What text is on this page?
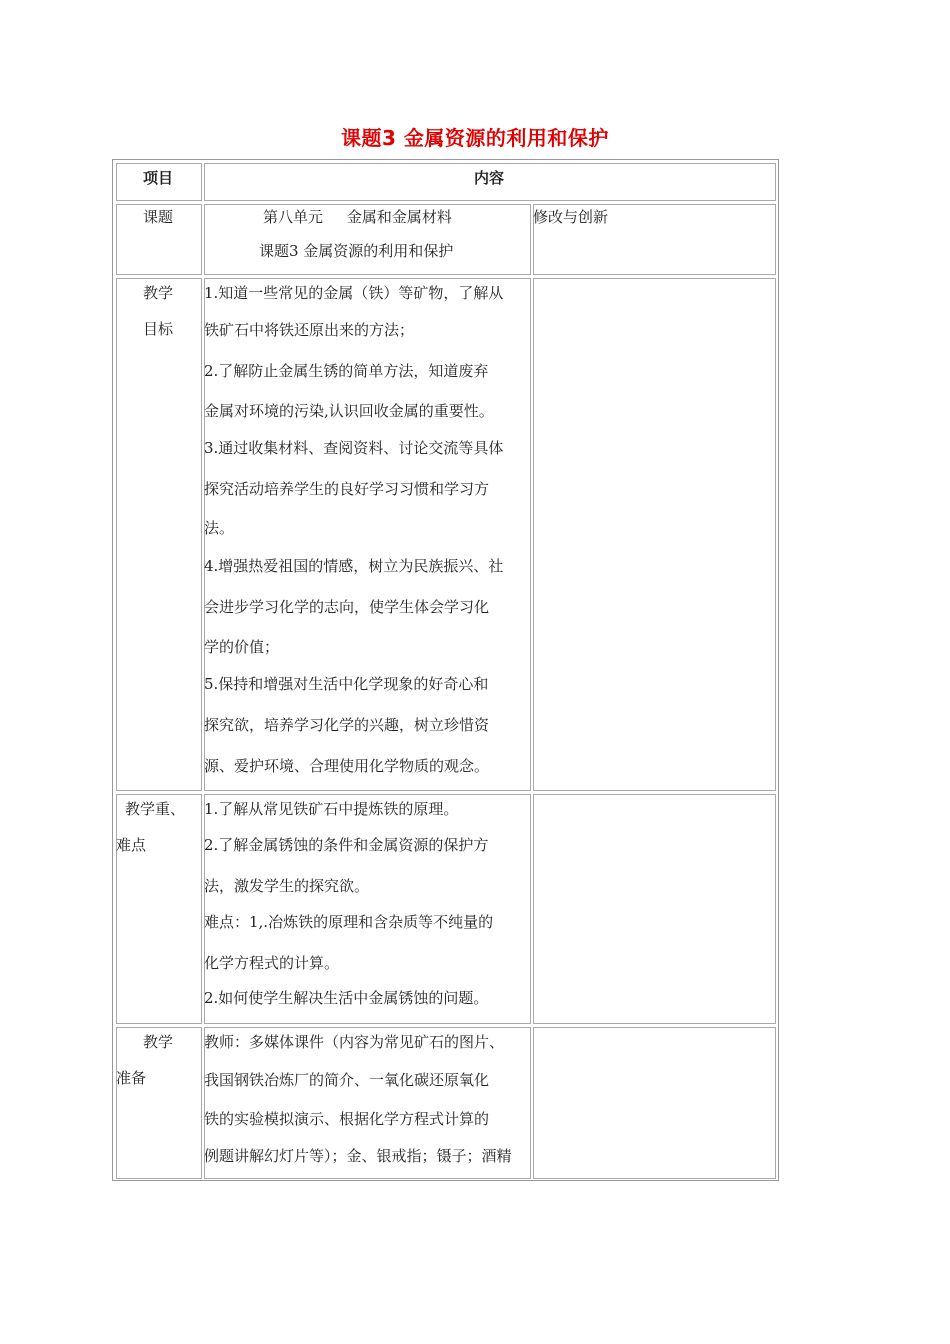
课题3 金属资源的利用和保护
项目	内容
课题	第八单元     金属和金属材料
课题3 金属资源的利用和保护
修改与创新
教学
目标
1.知道一些常见的金属（铁）等矿物，了解从
铁矿石中将铁还原出来的方法；
2.了解防止金属生锈的简单方法，知道废弃
金属对环境的污染,认识回收金属的重要性。
3.通过收集材料、查阅资料、讨论交流等具体
探究活动培养学生的良好学习习惯和学习方
法。
4.增强热爱祖国的情感，树立为民族振兴、社
会进步学习化学的志向，使学生体会学习化
学的价值；
5.保持和增强对生活中化学现象的好奇心和
探究欲，培养学习化学的兴趣，树立珍惜资
源、爱护环境、合理使用化学物质的观念。
教学重、
难点
1.了解从常见铁矿石中提炼铁的原理。
2.了解金属锈蚀的条件和金属资源的保护方
法，激发学生的探究欲。
难点：1,.冶炼铁的原理和含杂质等不纯量的
化学方程式的计算。
2.如何使学生解决生活中金属锈蚀的问题。
教学
准备
教师：多媒体课件（内容为常见矿石的图片、
我国钢铁冶炼厂的简介、一氧化碳还原氧化
铁的实验模拟演示、根据化学方程式计算的
例题讲解幻灯片等）；金、银戒指；镊子；酒精
